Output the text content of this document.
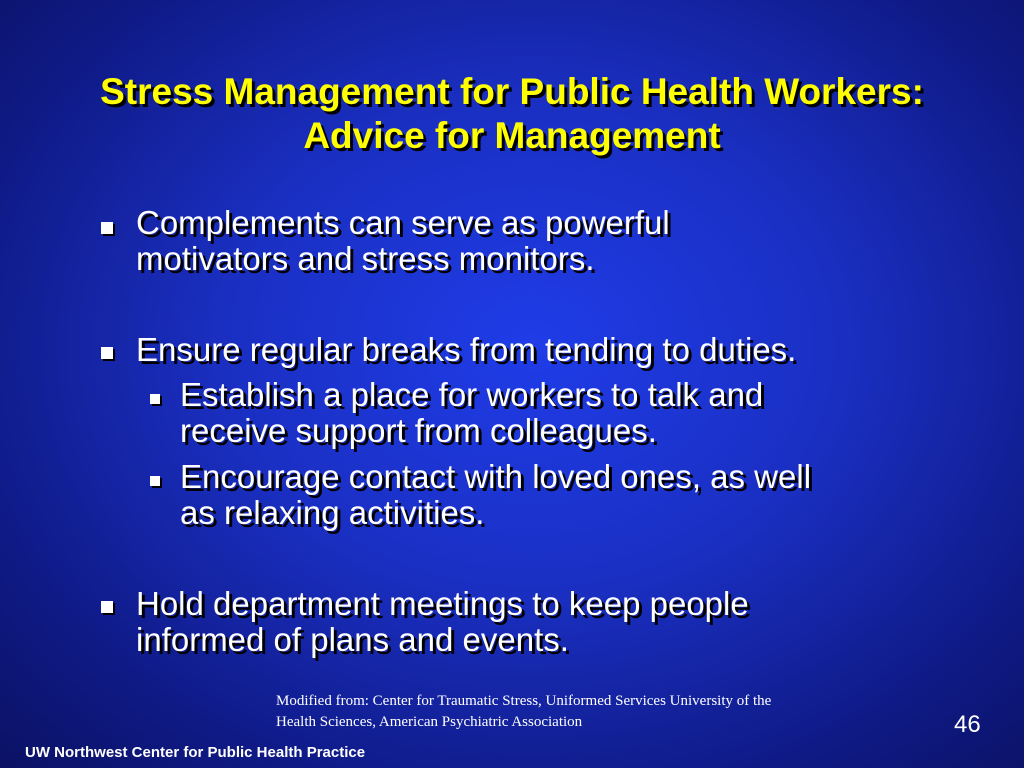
Stress Management for Public Health Workers:
Advice for Management
Complements can serve as powerful
motivators and stress monitors.
Ensure regular breaks from tending to duties.
Establish a place for workers to talk and
receive support from colleagues.
Encourage contact with loved ones, as well
as relaxing activities.
Hold department meetings to keep people
informed of plans and events.
Modified from: Center for Traumatic Stress, Uniformed Services University of the
Health Sciences, American Psychiatric Association	46
UW Northwest Center for Public Health Practice
